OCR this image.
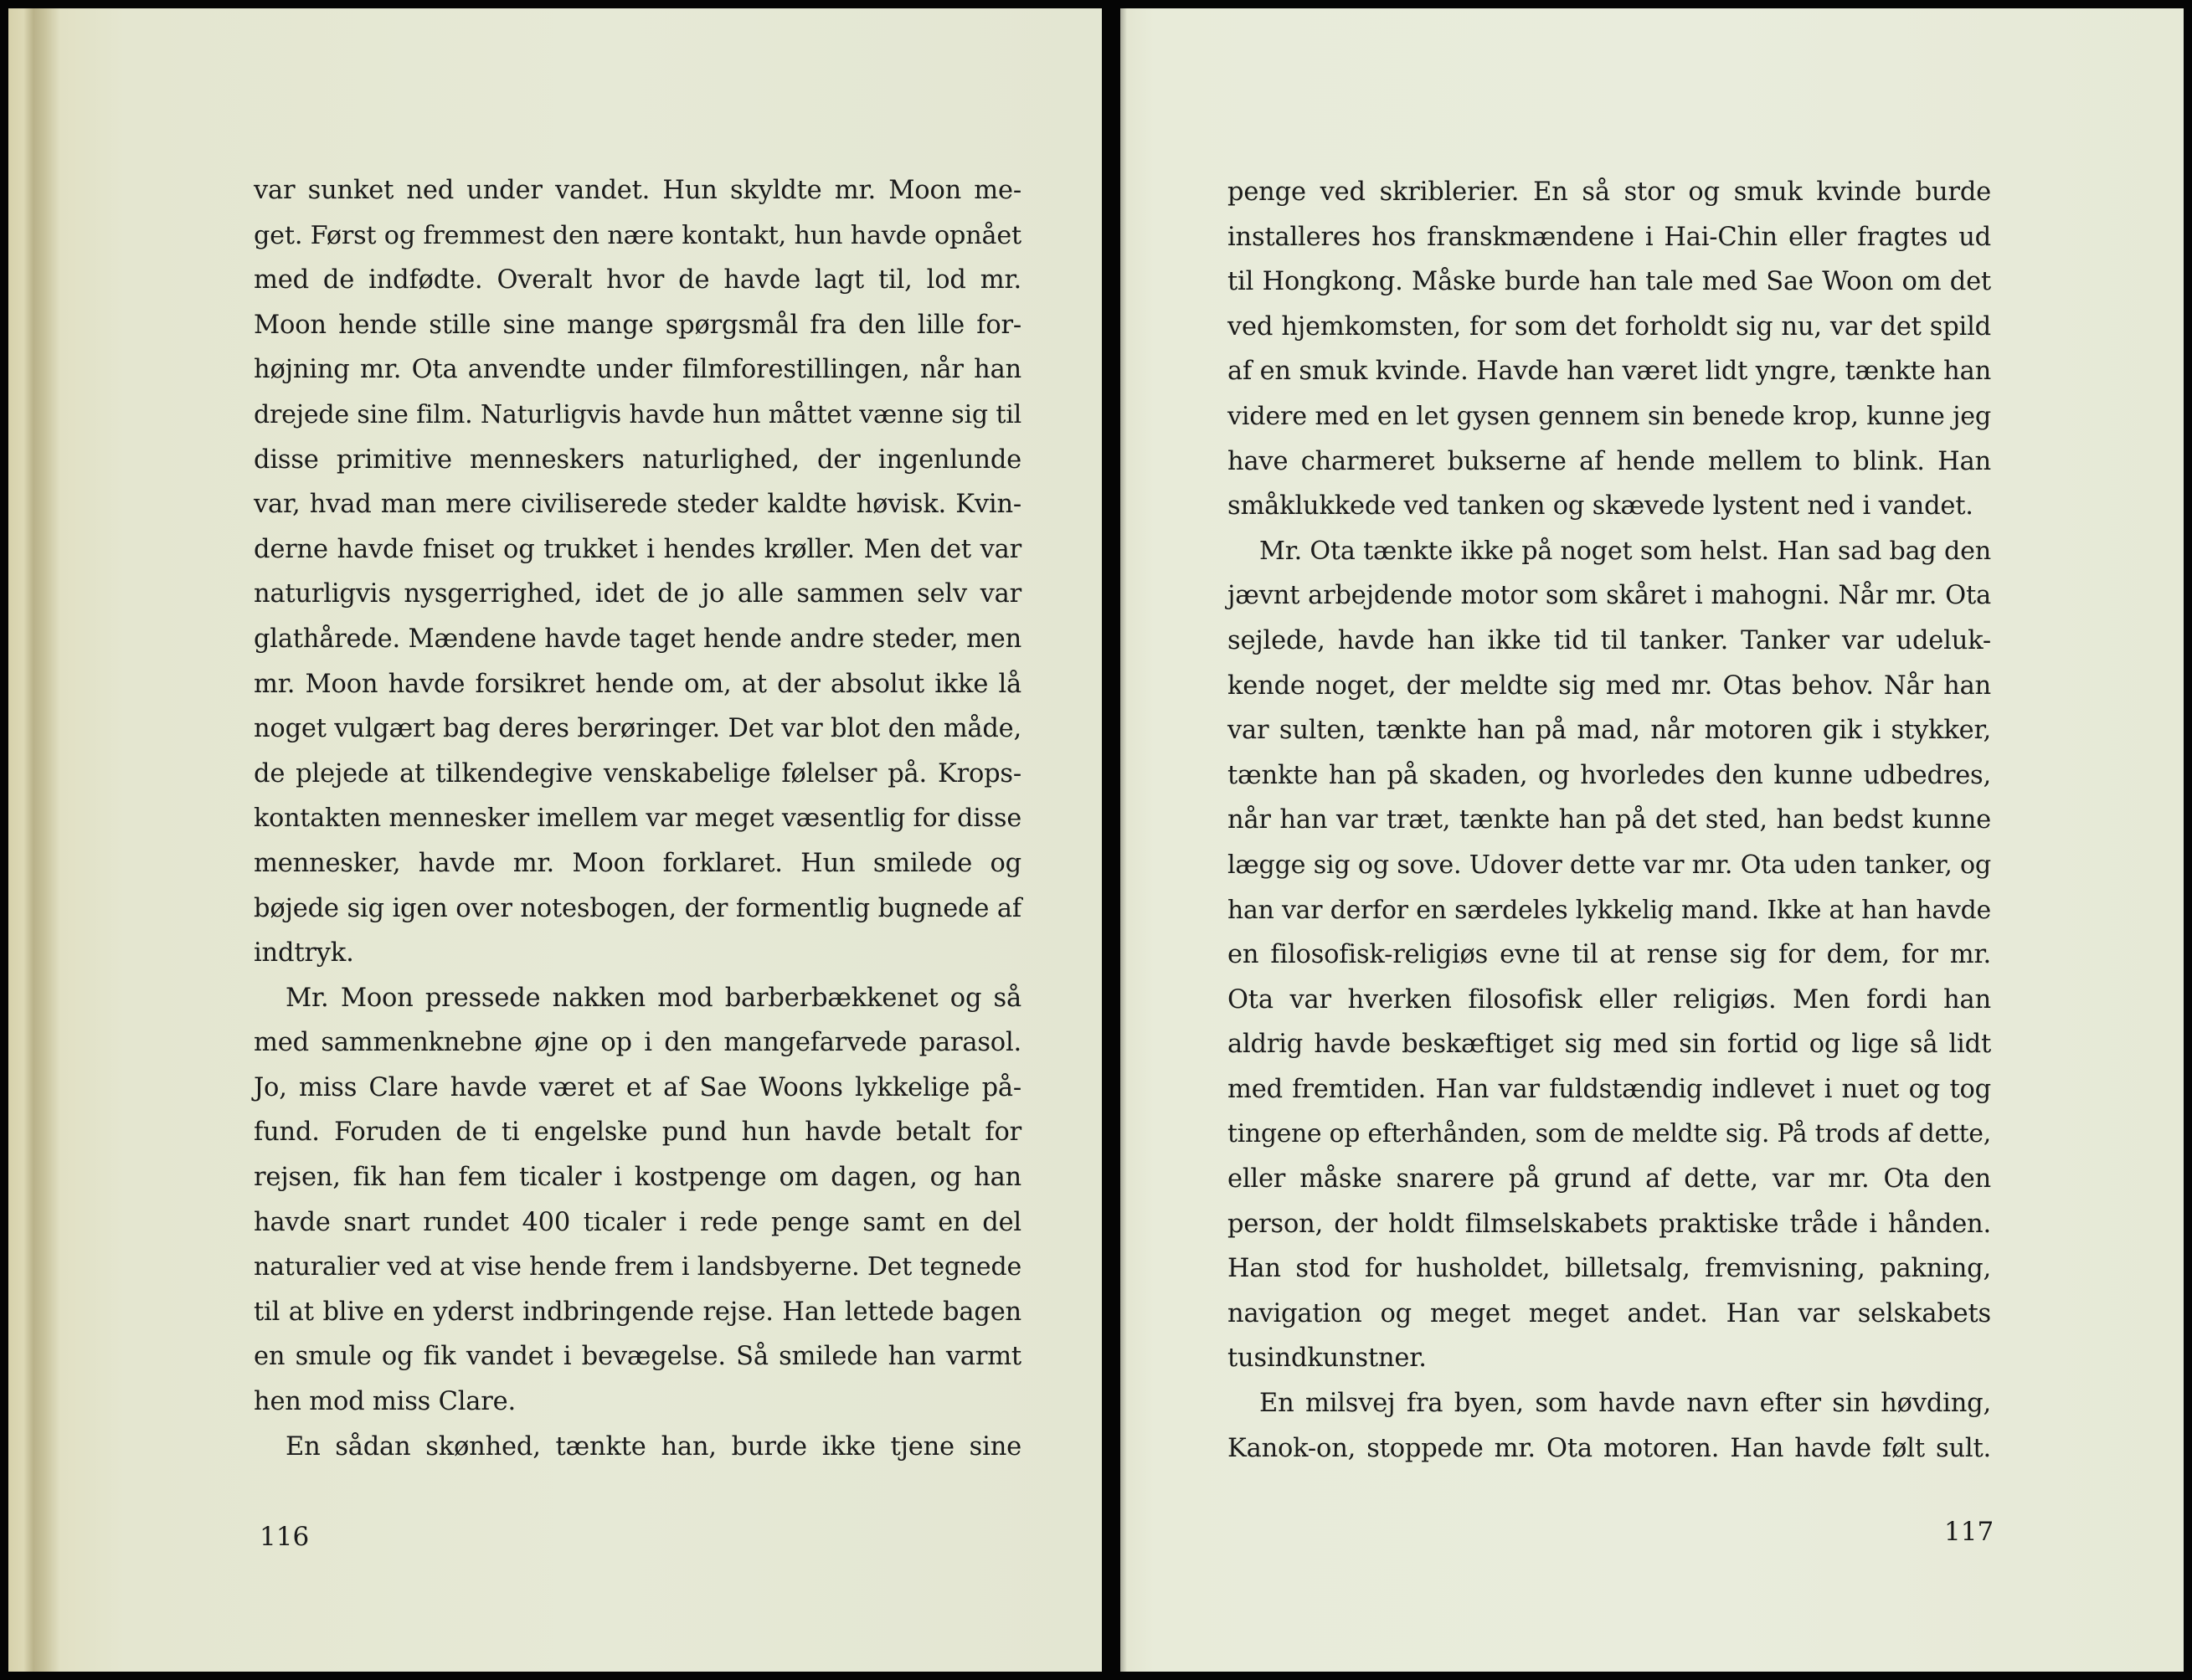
var sunket ned under vandet. Hun skyldte mr. Moon me-
get. Først og fremmest den nære kontakt, hun havde opnået
med de indfødte. Overalt hvor de havde lagt til, lod mr.
Moon hende stille sine mange spørgsmål fra den lille for-
højning mr. Ota anvendte under filmforestillingen, når han
drejede sine film. Naturligvis havde hun måttet vænne sig til
disse primitive menneskers naturlighed, der ingenlunde
var, hvad man mere civiliserede steder kaldte høvisk. Kvin-
derne havde fniset og trukket i hendes krøller. Men det var
naturligvis nysgerrighed, idet de jo alle sammen selv var
glathårede. Mændene havde taget hende andre steder, men
mr. Moon havde forsikret hende om, at der absolut ikke lå
noget vulgært bag deres berøringer. Det var blot den måde,
de plejede at tilkendegive venskabelige følelser på. Krops-
kontakten mennesker imellem var meget væsentlig for disse
mennesker, havde mr. Moon forklaret. Hun smilede og
bøjede sig igen over notesbogen, der formentlig bugnede af
indtryk.
Mr. Moon pressede nakken mod barberbækkenet og så
med sammenknebne øjne op i den mangefarvede parasol.
Jo, miss Clare havde været et af Sae Woons lykkelige på-
fund. Foruden de ti engelske pund hun havde betalt for
rejsen, fik han fem ticaler i kostpenge om dagen, og han
havde snart rundet 400 ticaler i rede penge samt en del
naturalier ved at vise hende frem i landsbyerne. Det tegnede
til at blive en yderst indbringende rejse. Han lettede bagen
en smule og fik vandet i bevægelse. Så smilede han varmt
hen mod miss Clare.
En sådan skønhed, tænkte han, burde ikke tjene sine
116
penge ved skriblerier. En så stor og smuk kvinde burde
installeres hos franskmændene i Hai-Chin eller fragtes ud
til Hongkong. Måske burde han tale med Sae Woon om det
ved hjemkomsten, for som det forholdt sig nu, var det spild
af en smuk kvinde. Havde han været lidt yngre, tænkte han
videre med en let gysen gennem sin benede krop, kunne jeg
have charmeret bukserne af hende mellem to blink. Han
småklukkede ved tanken og skævede lystent ned i vandet.
Mr. Ota tænkte ikke på noget som helst. Han sad bag den
jævnt arbejdende motor som skåret i mahogni. Når mr. Ota
sejlede, havde han ikke tid til tanker. Tanker var udeluk-
kende noget, der meldte sig med mr. Otas behov. Når han
var sulten, tænkte han på mad, når motoren gik i stykker,
tænkte han på skaden, og hvorledes den kunne udbedres,
når han var træt, tænkte han på det sted, han bedst kunne
lægge sig og sove. Udover dette var mr. Ota uden tanker, og
han var derfor en særdeles lykkelig mand. Ikke at han havde
en filosofisk-religiøs evne til at rense sig for dem, for mr.
Ota var hverken filosofisk eller religiøs. Men fordi han
aldrig havde beskæftiget sig med sin fortid og lige så lidt
med fremtiden. Han var fuldstændig indlevet i nuet og tog
tingene op efterhånden, som de meldte sig. På trods af dette,
eller måske snarere på grund af dette, var mr. Ota den
person, der holdt filmselskabets praktiske tråde i hånden.
Han stod for husholdet, billetsalg, fremvisning, pakning,
navigation og meget meget andet. Han var selskabets
tusindkunstner.
En milsvej fra byen, som havde navn efter sin høvding,
Kanok-on, stoppede mr. Ota motoren. Han havde følt sult.
117
